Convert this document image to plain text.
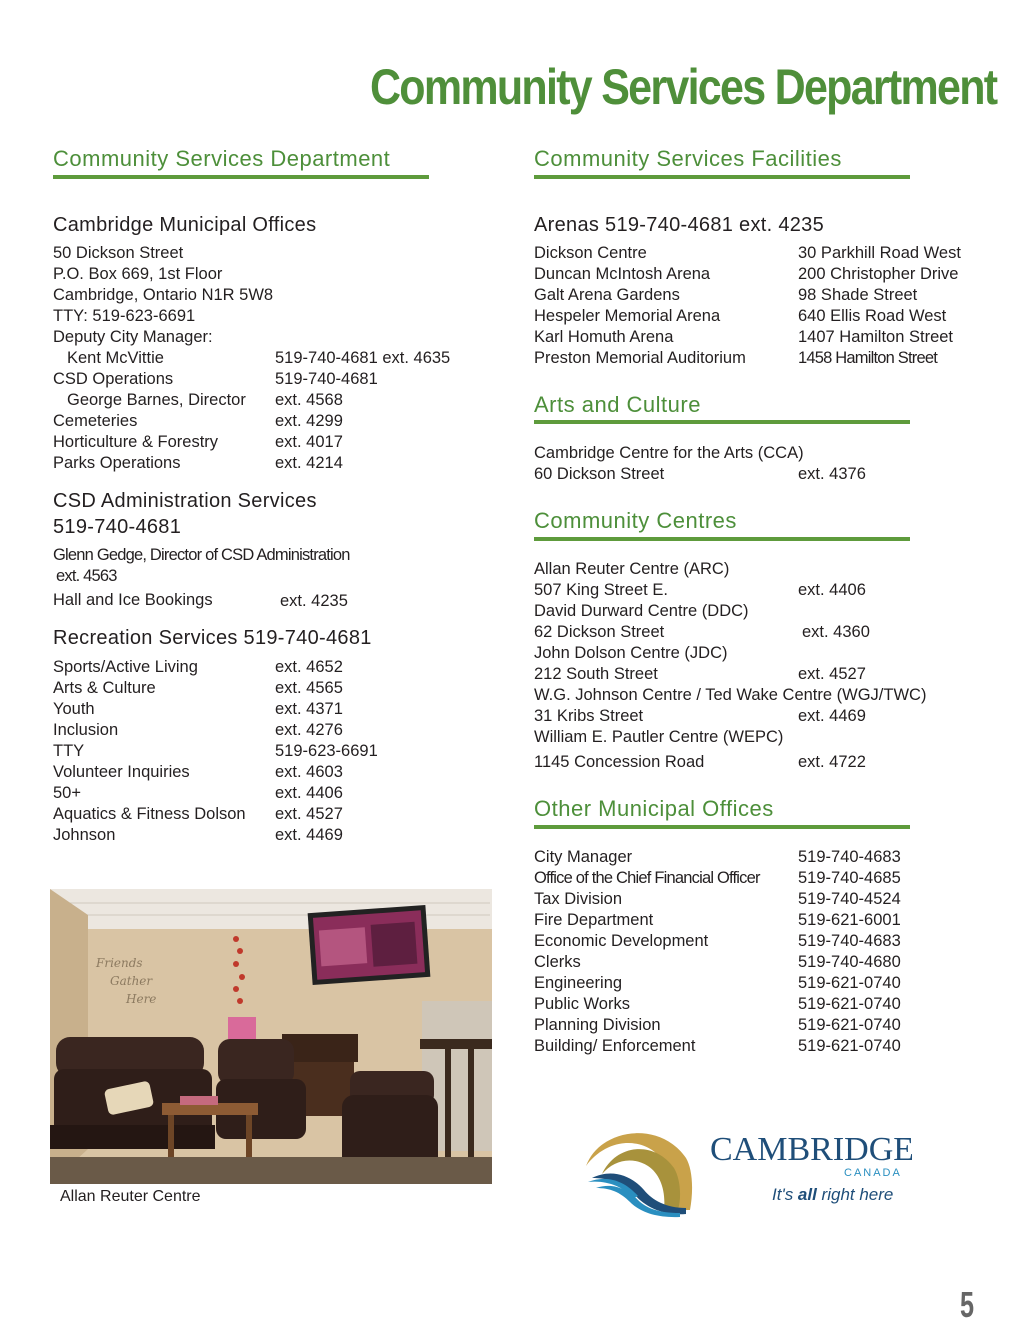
Community Services Department
Community Services Department
Cambridge Municipal Offices
50 Dickson Street
P.O. Box 669, 1st Floor
Cambridge, Ontario N1R 5W8
TTY: 519-623-6691
Deputy City Manager:
Kent McVittie	519-740-4681 ext. 4635
CSD Operations	519-740-4681
George Barnes, Director ext. 4568
Cemeteries	ext. 4299
Horticulture & Forestry	ext. 4017
Parks Operations	ext. 4214
CSD Administration Services
519-740-4681
Glenn Gedge, Director of CSD Administration
ext. 4563
Hall and Ice Bookings	ext. 4235
Recreation Services 519-740-4681
Sports/Active Living	ext. 4652
Arts & Culture	ext. 4565
Youth	ext. 4371
Inclusion	ext. 4276
TTY	519-623-6691
Volunteer Inquiries	ext. 4603
50+	ext. 4406
Aquatics & Fitness Dolson ext. 4527
Johnson	ext. 4469
Friends
Gather
Here
Allan Reuter Centre
Community Services Facilities
Arenas 519-740-4681 ext. 4235
Dickson Centre	30 Parkhill Road West
Duncan McIntosh Arena	200 Christopher Drive
Galt Arena Gardens	98 Shade Street
Hespeler Memorial Arena	640 Ellis Road West
Karl Homuth Arena	1407 Hamilton Street
Preston Memorial Auditorium	1458 Hamilton Street
Arts and Culture
Cambridge Centre for the Arts (CCA)
60 Dickson Street	ext. 4376
Community Centres
Allan Reuter Centre (ARC)
507 King Street E.	ext. 4406
David Durward Centre (DDC)
62 Dickson Street	ext. 4360
John Dolson Centre (JDC)
212 South Street	ext. 4527
W.G. Johnson Centre / Ted Wake Centre (WGJ/TWC)
31 Kribs Street	ext. 4469
William E. Pautler Centre (WEPC)
1145 Concession Road	ext. 4722
Other Municipal Offices
City Manager	519-740-4683
Office of the Chief Financial Officer 519-740-4685
Tax Division	519-740-4524
Fire Department	519-621-6001
Economic Development	519-740-4683
Clerks	519-740-4680
Engineering	519-621-0740
Public Works	519-621-0740
Planning Division	519-621-0740
Building/ Enforcement	519-621-0740
CAMBRIDGE
CANADA
It's all right here
5
